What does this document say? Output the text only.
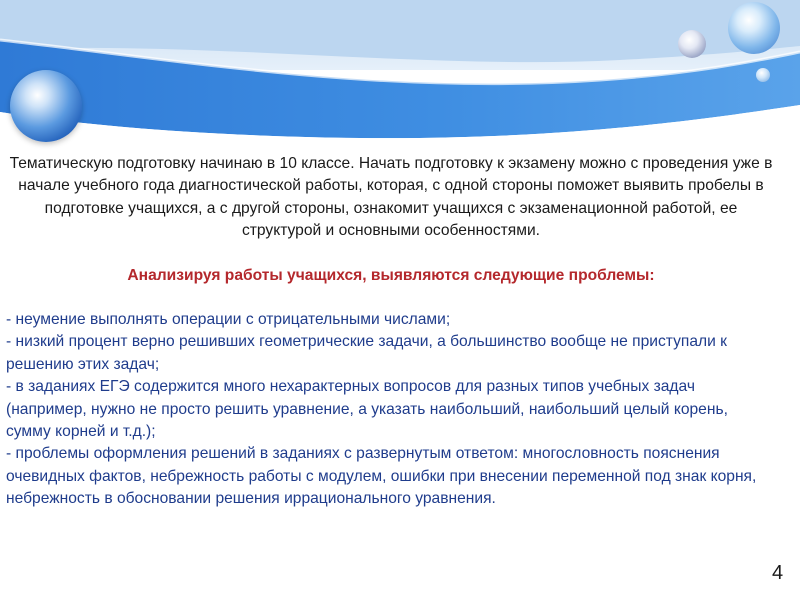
Тематическую подготовку начинаю в 10 классе. Начать подготовку к экзамену можно с проведения уже в начале учебного года диагностической работы, которая, с одной стороны поможет выявить пробелы в подготовке учащихся, а с другой стороны, ознакомит учащихся с экзаменационной работой, ее структурой и основными особенностями.

Анализируя работы учащихся, выявляются следующие проблемы:

- неумение выполнять операции с отрицательными числами;
- низкий процент верно решивших геометрические задачи, а большинство вообще не приступали к решению этих задач;
- в заданиях ЕГЭ содержится много нехарактерных вопросов для разных типов учебных задач (например, нужно не просто решить уравнение, а указать наибольший, наибольший целый корень, сумму корней и т.д.);
- проблемы оформления решений в заданиях с развернутым ответом: многословность пояснения очевидных фактов, небрежность работы с модулем, ошибки при внесении переменной под знак корня, небрежность в обосновании решения иррационального уравнения.
4
